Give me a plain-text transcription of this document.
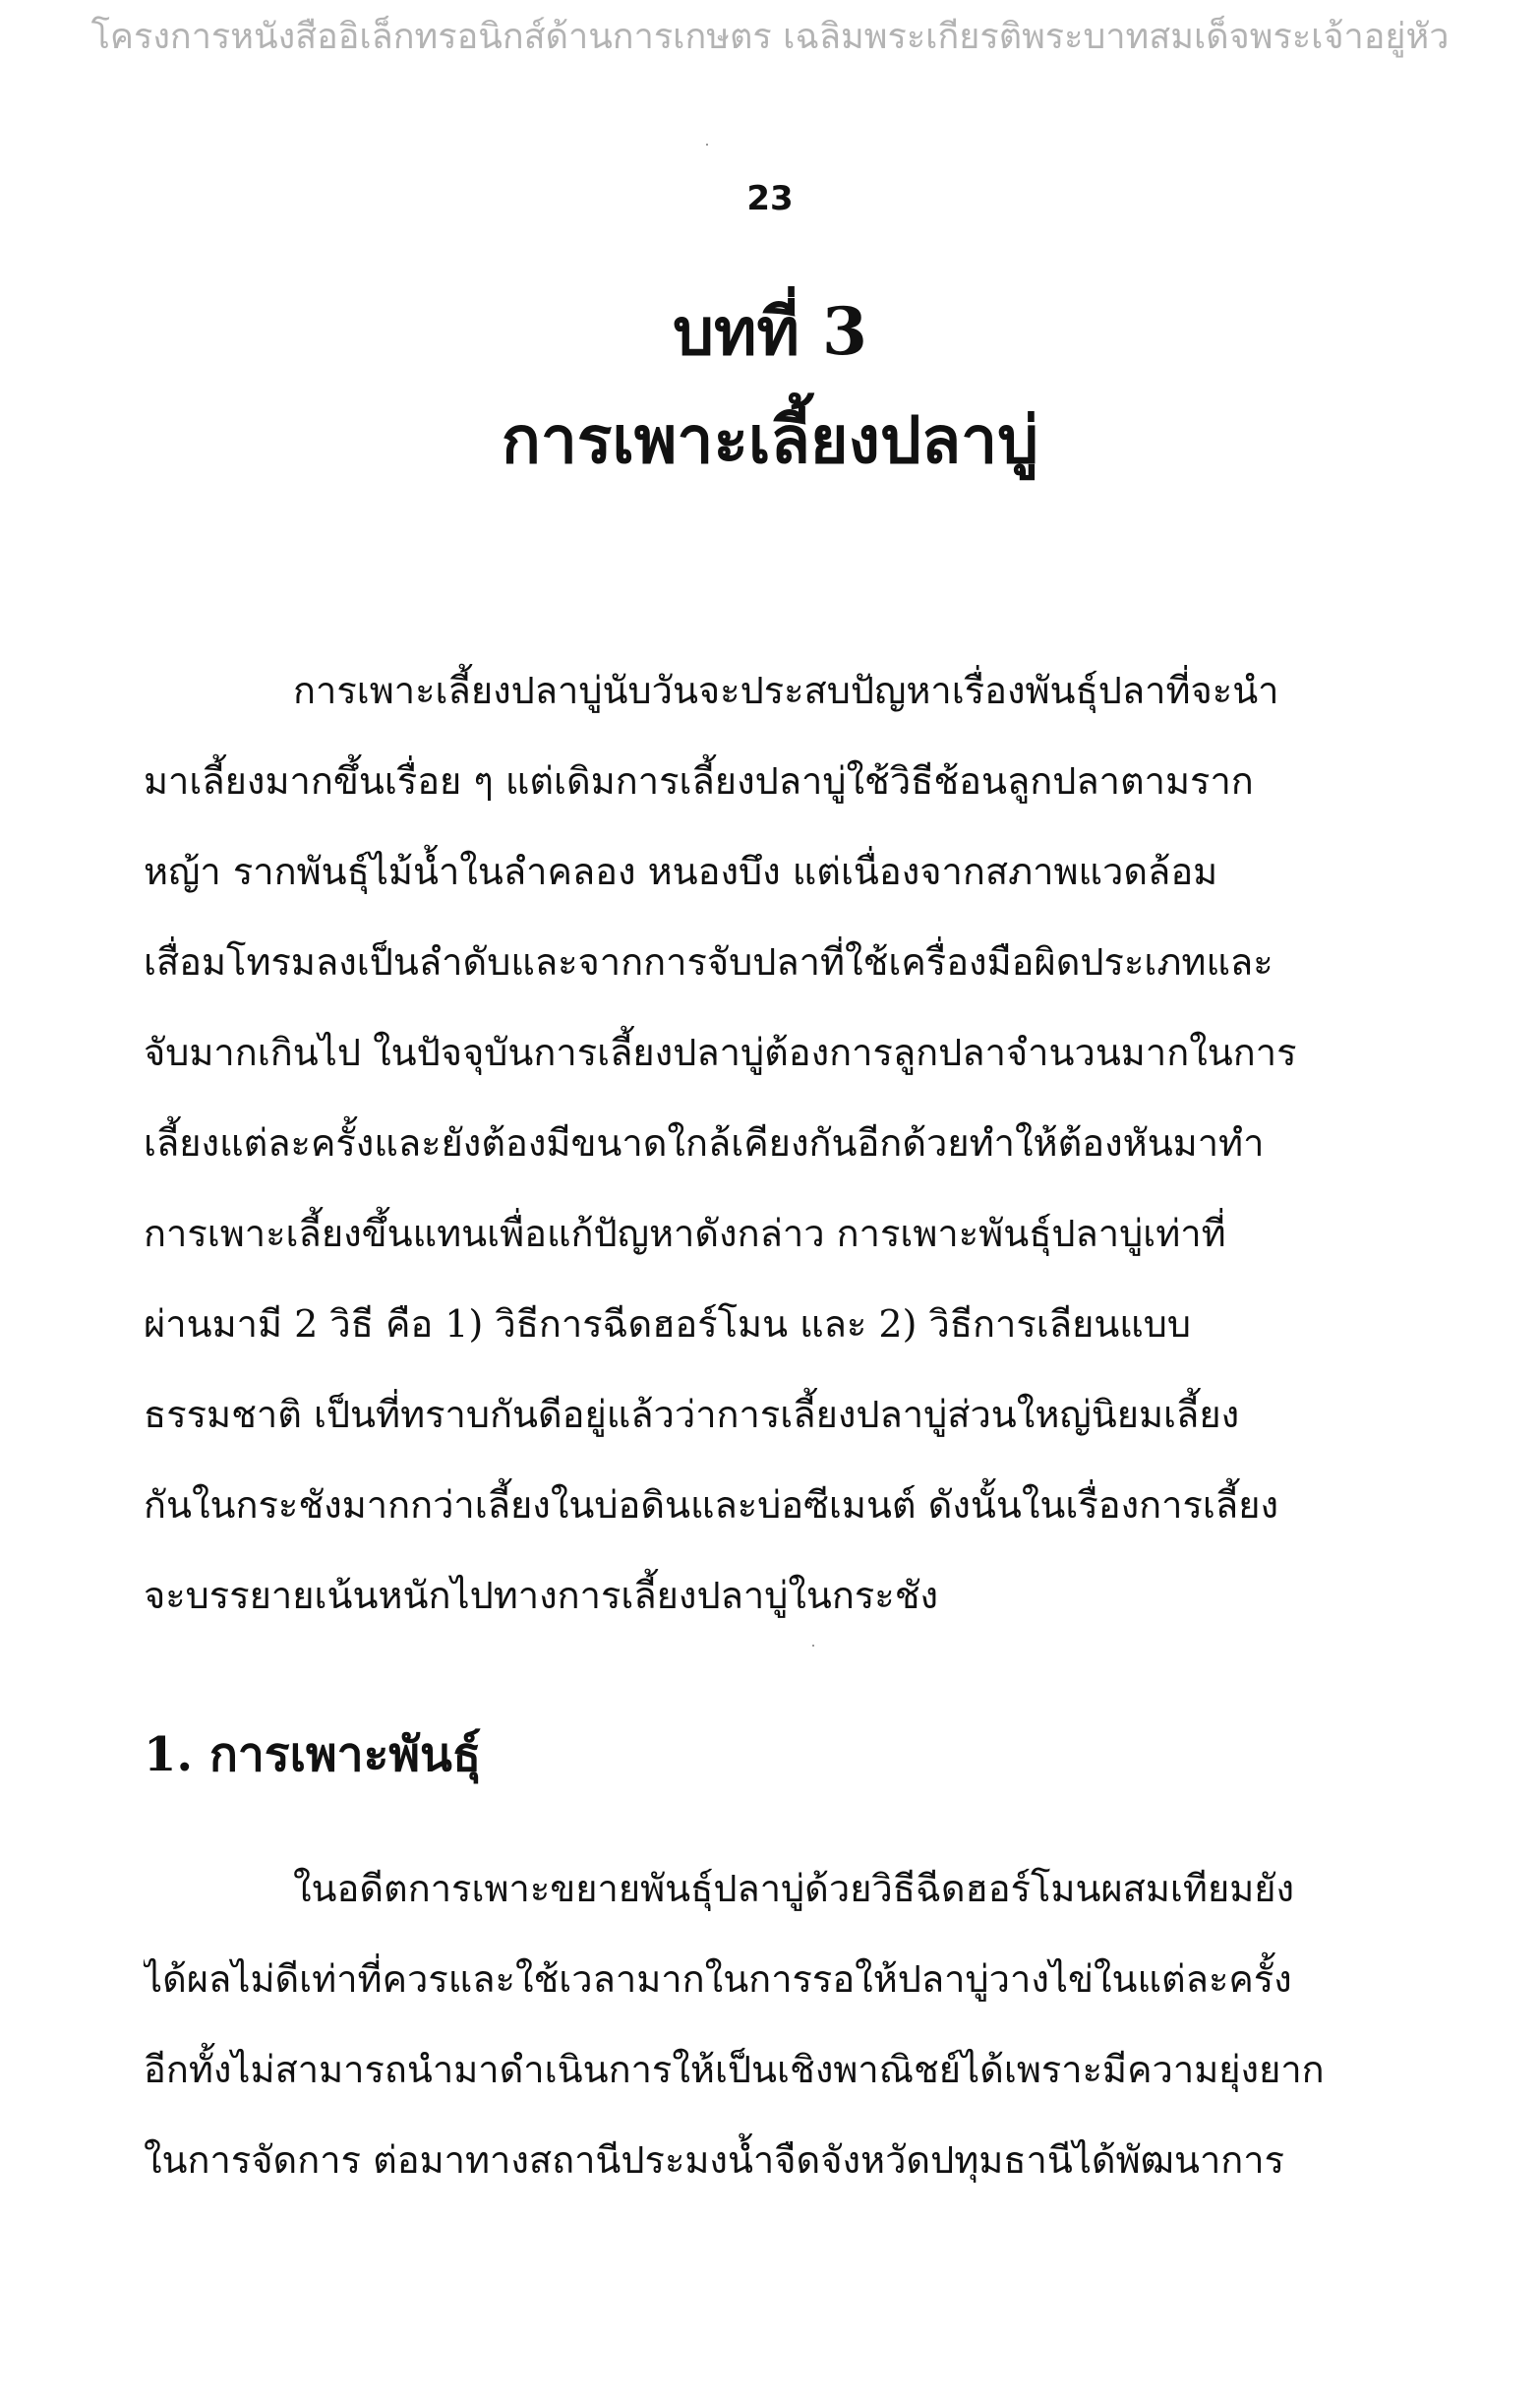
โครงการหนังสืออิเล็กทรอนิกส์ด้านการเกษตร เฉลิมพระเกียรติพระบาทสมเด็จพระเจ้าอยู่หัว
23
บทที่ 3
การเพาะเลี้ยงปลาบู่
การเพาะเลี้ยงปลาบู่นับวันจะประสบปัญหาเรื่องพันธุ์ปลาที่จะนำ
มาเลี้ยงมากขึ้นเรื่อย ๆ แต่เดิมการเลี้ยงปลาบู่ใช้วิธีช้อนลูกปลาตามราก
หญ้า รากพันธุ์ไม้น้ำในลำคลอง หนองบึง แต่เนื่องจากสภาพแวดล้อม
เสื่อมโทรมลงเป็นลำดับและจากการจับปลาที่ใช้เครื่องมือผิดประเภทและ
จับมากเกินไป ในปัจจุบันการเลี้ยงปลาบู่ต้องการลูกปลาจำนวนมากในการ
เลี้ยงแต่ละครั้งและยังต้องมีขนาดใกล้เคียงกันอีกด้วยทำให้ต้องหันมาทำ
การเพาะเลี้ยงขึ้นแทนเพื่อแก้ปัญหาดังกล่าว การเพาะพันธุ์ปลาบู่เท่าที่
ผ่านมามี 2 วิธี คือ 1) วิธีการฉีดฮอร์โมน และ 2) วิธีการเลียนแบบ
ธรรมชาติ เป็นที่ทราบกันดีอยู่แล้วว่าการเลี้ยงปลาบู่ส่วนใหญ่นิยมเลี้ยง
กันในกระชังมากกว่าเลี้ยงในบ่อดินและบ่อซีเมนต์ ดังนั้นในเรื่องการเลี้ยง
จะบรรยายเน้นหนักไปทางการเลี้ยงปลาบู่ในกระชัง
1. การเพาะพันธุ์
ในอดีตการเพาะขยายพันธุ์ปลาบู่ด้วยวิธีฉีดฮอร์โมนผสมเทียมยัง
ได้ผลไม่ดีเท่าที่ควรและใช้เวลามากในการรอให้ปลาบู่วางไข่ในแต่ละครั้ง
อีกทั้งไม่สามารถนำมาดำเนินการให้เป็นเชิงพาณิชย์ได้เพราะมีความยุ่งยาก
ในการจัดการ ต่อมาทางสถานีประมงน้ำจืดจังหวัดปทุมธานีได้พัฒนาการ
